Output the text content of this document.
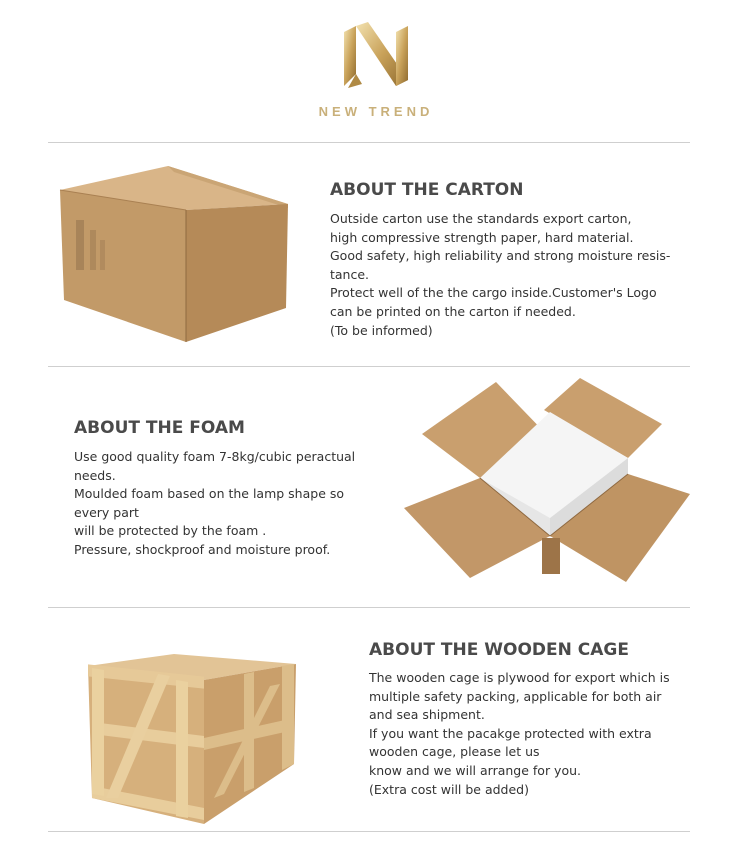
NEW TREND
ABOUT THE CARTON
Outside carton use the standards export carton,
high compressive strength paper, hard material.
Good safety, high reliability and strong moisture resis-
tance.
Protect well of the the cargo inside.Customer's Logo
can be printed on the carton if needed.
(To be informed)
ABOUT THE FOAM
Use good quality foam 7-8kg/cubic peractual
needs.
Moulded foam based on the lamp shape so
every part
will be protected by the foam .
Pressure, shockproof and moisture proof.
ABOUT THE WOODEN CAGE
The wooden cage is plywood for export which is
multiple safety packing, applicable for both air
and sea shipment.
If you want the pacakge protected with extra
wooden cage, please let us
know and we will arrange for you.
(Extra cost will be added)
